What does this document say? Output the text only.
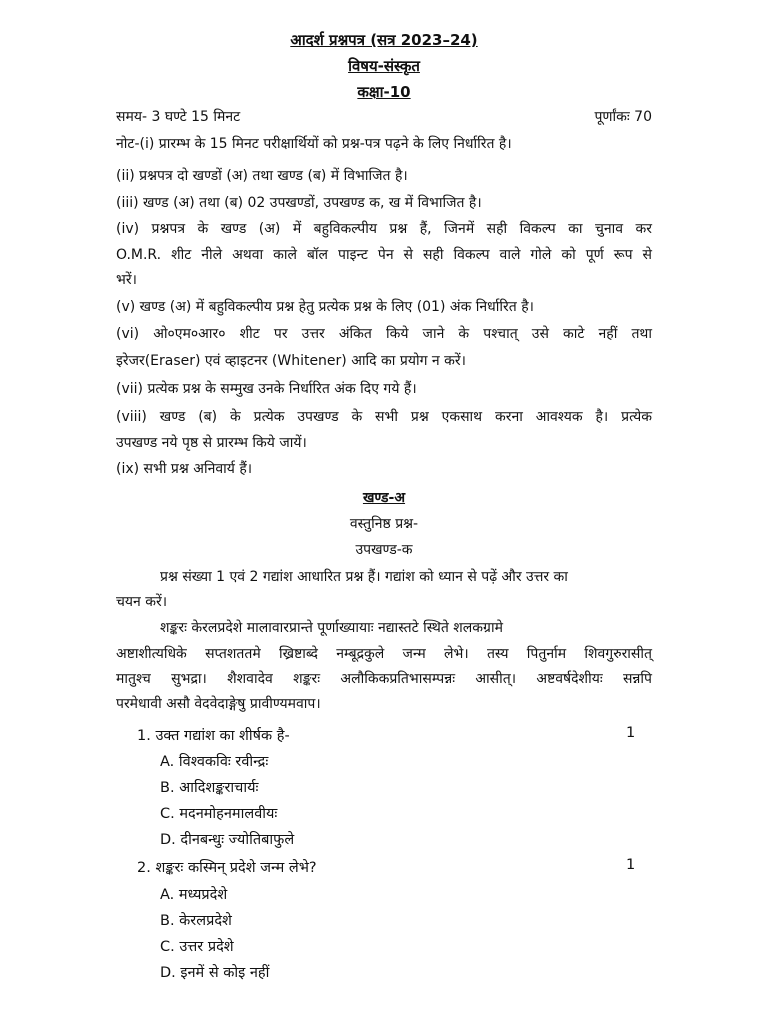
आदर्श प्रश्नपत्र (सत्र 2023–24)
विषय-संस्कृत
कक्षा-10
समय- 3 घण्टे 15 मिनट	पूर्णांकः 70
नोट-(i) प्रारम्भ के 15 मिनट परीक्षार्थियों को प्रश्न-पत्र पढ़ने के लिए निर्धारित है।
(ii) प्रश्नपत्र दो खण्डों (अ) तथा खण्ड (ब) में विभाजित है।
(iii) खण्ड (अ) तथा (ब) 02 उपखण्डों, उपखण्ड क, ख में विभाजित है।
(iv) प्रश्नपत्र के खण्ड (अ) में बहुविकल्पीय प्रश्न हैं, जिनमें सही विकल्प का चुनाव कर
O.M.R. शीट नीले अथवा काले बॉल पाइन्ट पेन से सही विकल्प वाले गोले को पूर्ण रूप से
भरें।
(v) खण्ड (अ) में बहुविकल्पीय प्रश्न हेतु प्रत्येक प्रश्न के लिए (01) अंक निर्धारित है।
(vi) ओ०एम०आर० शीट पर उत्तर अंकित किये जाने के पश्चात् उसे काटे नहीं तथा
इरेजर(Eraser) एवं व्हाइटनर (Whitener) आदि का प्रयोग न करें।
(vii) प्रत्येक प्रश्न के सम्मुख उनके निर्धारित अंक दिए गये हैं।
(viii) खण्ड (ब) के प्रत्येक उपखण्ड के सभी प्रश्न एकसाथ करना आवश्यक है। प्रत्येक
उपखण्ड नये पृष्ठ से प्रारम्भ किये जायें।
(ix) सभी प्रश्न अनिवार्य हैं।
खण्ड-अ
वस्तुनिष्ठ प्रश्न-
उपखण्ड-क
प्रश्न संख्या 1 एवं 2 गद्यांश आधारित प्रश्न हैं। गद्यांश को ध्यान से पढ़ें और उत्तर का
चयन करें।
शङ्करः केरलप्रदेशे मालावारप्रान्ते पूर्णाख्यायाः नद्यास्तटे स्थिते शलकग्रामे
अष्टाशीत्यधिके सप्तशततमे ख्रिष्टाब्दे नम्बूद्रकुले जन्म लेभे। तस्य पितुर्नाम शिवगुरुरासीत्
मातुश्च सुभद्रा। शैशवादेव शङ्करः अलौकिकप्रतिभासम्पन्नः आसीत्। अष्टवर्षदेशीयः सन्नपि
परमेधावी असौ वेदवेदाङ्गेषु प्रावीण्यमवाप।
1. उक्त गद्यांश का शीर्षक है-	1
A. विश्वकविः रवीन्द्रः
B. आदिशङ्कराचार्यः
C. मदनमोहनमालवीयः
D. दीनबन्धुः ज्योतिबाफुले
2. शङ्करः कस्मिन् प्रदेशे जन्म लेभे?	1
A. मध्यप्रदेशे
B. केरलप्रदेशे
C. उत्तर प्रदेशे
D. इनमें से कोइ नहीं
